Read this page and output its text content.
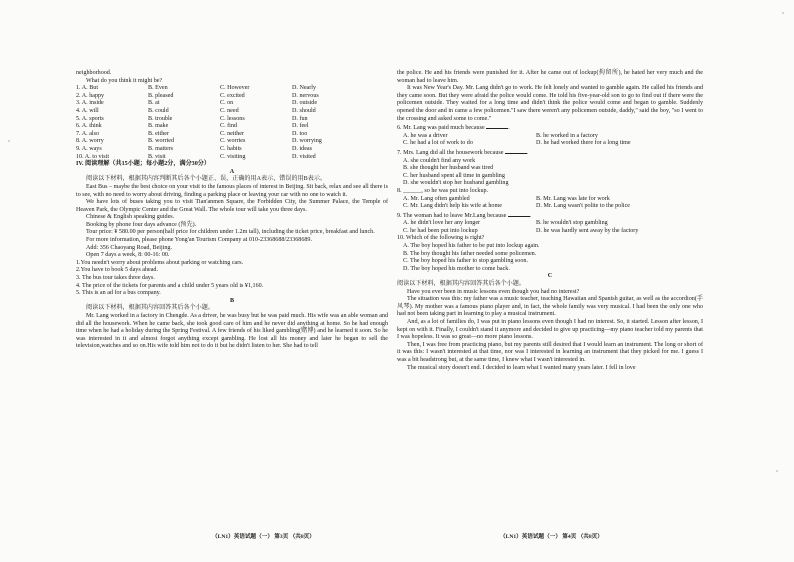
neighborhood.

What do you think it might be?

1. A. But	B. Even	C. However	D. Nearly
2. A. happy	B. pleased	C. excited	D. nervous
3. A. inside	B. at	C. on	D. outside
4. A. will	B. could	C. need	D. should
5. A. sports	B. trouble	C. lessons	D. fun
6. A. think	B. make	C. find	D. feel
7. A. also	B. either	C. neither	D. too
8. A. worry	B. worried	C. worries	D. worrying
9. A. ways	B. matters	C. habits	D. ideas
10. A. to visit	B. visit	C. visiting	D. visited

IV. 阅读理解（共15小题；每小题2分，满分30分）

A

阅读以下材料，根据其内容判断其后各个小题正、误，正确的用A表示，错误的用B表示。

East Bus – maybe the best choice on your visit to the famous places of interest in Beijing. Sit back, relax and see all there is to see, with no need to worry about driving, finding a parking place or leaving your car with no one to watch it.

We have lots of buses taking you to visit Tian'anmen Square, the Forbidden City, the Summer Palace, the Temple of Heaven Park, the Olympic Center and the Great Wall. The whole tour will take you three days.

Chinese & English speaking guides.

Booking by phone four days advance (预先).

Tour price: ¥ 580.00 per person(half price for children under 1.2m tall), including the ticket price, breakfast and lunch.

For more information, please phone Yong'an Tourism Company at 010-23368688/23368689.

Add: 356 Chaoyang Road, Beijing.

Open 7 days a week, 8: 00-16: 00.

1.You needn't worry about problems about parking or watching cars.

2.You have to book 5 days ahead.

3. The bus tour takes three days.

4. The price of the tickets for parents and a child under 5 years old is ¥1,160.

5. This is an ad for a bus company.

B

阅读以下材料，根据其内容回答其后各个小题。

Mr. Lang worked in a factory in Chengde. As a driver, he was busy but he was paid much. His wife was an able woman and did all the housework. When he came back, she took good care of him and he never did anything at home. So he had enough time when he had a holiday during the Spring Festival. A few friends of his liked gambling(赌博) and he learned it soon. So he was interested in it and almost forgot anything except gambling. He lost all his money and later he began to sell the television,watches and so on.His wife told him not to do it but he didn't listen to her. She had to tell

the police. He and his friends were punished for it. After he came out of lockup(拘留所), he hated her very much and the woman had to leave him.

It was New Year's Day. Mr. Lang didn't go to work. He felt lonely and wanted to gamble again. He called his friends and they came soon. But they were afraid the police would come. He told his five-year-old son to go to find out if there were the policemen outside. They waited for a long time and didn't think the police would come and began to gamble. Suddenly opened the door and in came a few policemen."I saw there weren't any policemen outside, daddy," said the boy, "so I went to the crossing and asked some to come."

6. Mr. Lang was paid much because	.

A. he was a driver	B. he worked in a factory
C. he had a lot of work to do	D. he had worked there for a long time

7. Mrs. Lang did all the housework because	.

A. she couldn't find any work
B. she thought her husband was tired
C. her husband spent all time in gambling
D. she wouldn't stop her husband gambling

8. ______, so he was put into lockup.

A. Mr. Lang often gambled	B. Mr. Lang was late for work
C. Mr. Lang didn't help his wife at home	D. Mr. Lang wasn't polite to the police

9. The woman had to leave Mr.Lang because	.

A. he didn't love her any longer	B. he wouldn't stop gambling
C. he had been put into lockup	D. he was hardly sent away by the factory

10. Which of the following is right?

A. The boy hoped his father to be put into lockup again.
B. The boy thought his father needed some policemen.
C. The boy hoped his father to stop gambling soon.
D. The boy hoped his mother to come back.

C

阅读以下材料，根据其内容回答其后各个小题。

Have you ever been in music lessons even though you had no interest?

The situation was this: my father was a music teacher, teaching Hawaiian and Spanish guitar, as well as the accordion(手风琴). My mother was a famous piano player and, in fact, the whole family was very musical. I had been the only one who had not been taking part in learning to play a musical instrument.

And, as a lot of families do, I was put in piano lessons even though I had no interest. So, it started. Lesson after lesson, I kept on with it. Finally, I couldn't stand it anymore and decided to give up practicing—my piano teacher told my parents that I was hopeless. It was so great—no more piano lessons.

Then, I was free from practicing piano, but my parents still desired that I would learn an instrument. The long or short of it was this: I wasn't interested at that time, nor was I interested in learning an instrument that they picked for me. I guess I was a bit headstrong but, at the same time, I knew what I wasn't interested in.

The musical story doesn't end. I decided to learn what I wanted many years later. I fell in love

（LN1）英语试题（一） 第3页 （共8页）	（LN1）英语试题（一） 第4页 （共8页）
